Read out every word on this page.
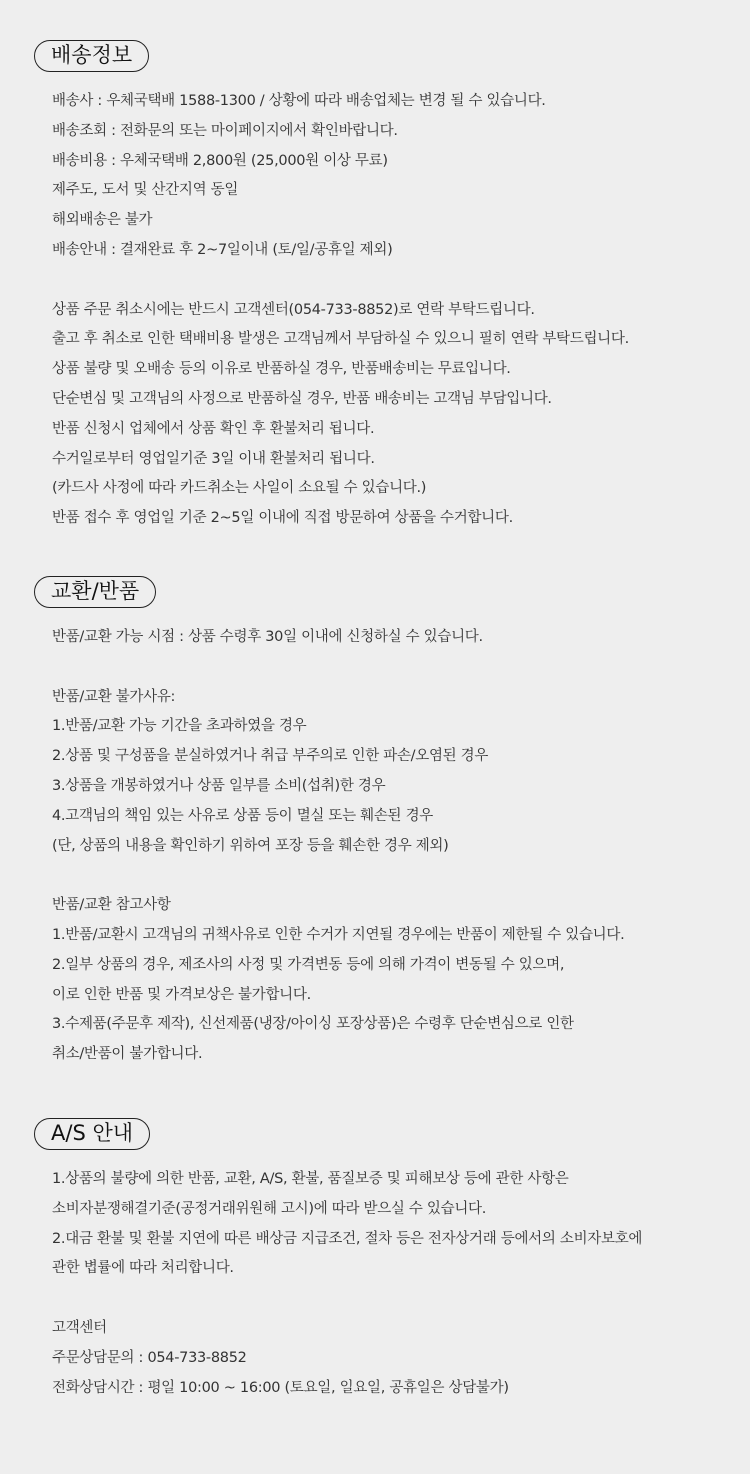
배송정보
배송사 : 우체국택배 1588-1300 / 상황에 따라 배송업체는 변경 될 수 있습니다.
배송조회 : 전화문의 또는 마이페이지에서 확인바랍니다.
배송비용 : 우체국택배 2,800원 (25,000원 이상 무료)
제주도, 도서 및 산간지역 동일
해외배송은 불가
배송안내 : 결재완료 후 2~7일이내 (토/일/공휴일 제외)
상품 주문 취소시에는 반드시 고객센터(054-733-8852)로 연락 부탁드립니다.
출고 후 취소로 인한 택배비용 발생은 고객님께서 부담하실 수 있으니 필히 연락 부탁드립니다.
상품 불량 및 오배송 등의 이유로 반품하실 경우, 반품배송비는 무료입니다.
단순변심 및 고객님의 사정으로 반품하실 경우, 반품 배송비는 고객님 부담입니다.
반품 신청시 업체에서 상품 확인 후 환불처리 됩니다.
수거일로부터 영업일기준 3일 이내 환불처리 됩니다.
(카드사 사정에 따라 카드취소는 사일이 소요될 수 있습니다.)
반품 접수 후 영업일 기준 2~5일 이내에 직접 방문하여 상품을 수거합니다.
교환/반품
반품/교환 가능 시점 : 상품 수령후 30일 이내에 신청하실 수 있습니다.
반품/교환 불가사유:
1.반품/교환 가능 기간을 초과하였을 경우
2.상품 및 구성품을 분실하였거나 취급 부주의로 인한 파손/오염된 경우
3.상품을 개봉하였거나 상품 일부를 소비(섭취)한 경우
4.고객님의 책임 있는 사유로 상품 등이 멸실 또는 훼손된 경우
(단, 상품의 내용을 확인하기 위하여 포장 등을 훼손한 경우 제외)
반품/교환 참고사항
1.반품/교환시 고객님의 귀책사유로 인한 수거가 지연될 경우에는 반품이 제한될 수 있습니다.
2.일부 상품의 경우, 제조사의 사정 및 가격변동 등에 의해 가격이 변동될 수 있으며,
이로 인한 반품 및 가격보상은 불가합니다.
3.수제품(주문후 제작), 신선제품(냉장/아이싱 포장상품)은 수령후 단순변심으로 인한
취소/반품이 불가합니다.
A/S 안내
1.상품의 불량에 의한 반품, 교환, A/S, 환불, 품질보증 및 피해보상 등에 관한 사항은
소비자분쟁해결기준(공정거래위원해 고시)에 따라 받으실 수 있습니다.
2.대금 환불 및 환불 지연에 따른 배상금 지급조건, 절차 등은 전자상거래 등에서의 소비자보호에
관한 볍률에 따라 처리합니다.
고객센터
주문상담문의 : 054-733-8852
전화상담시간 : 평일 10:00 ~ 16:00 (토요일, 일요일, 공휴일은 상담불가)
